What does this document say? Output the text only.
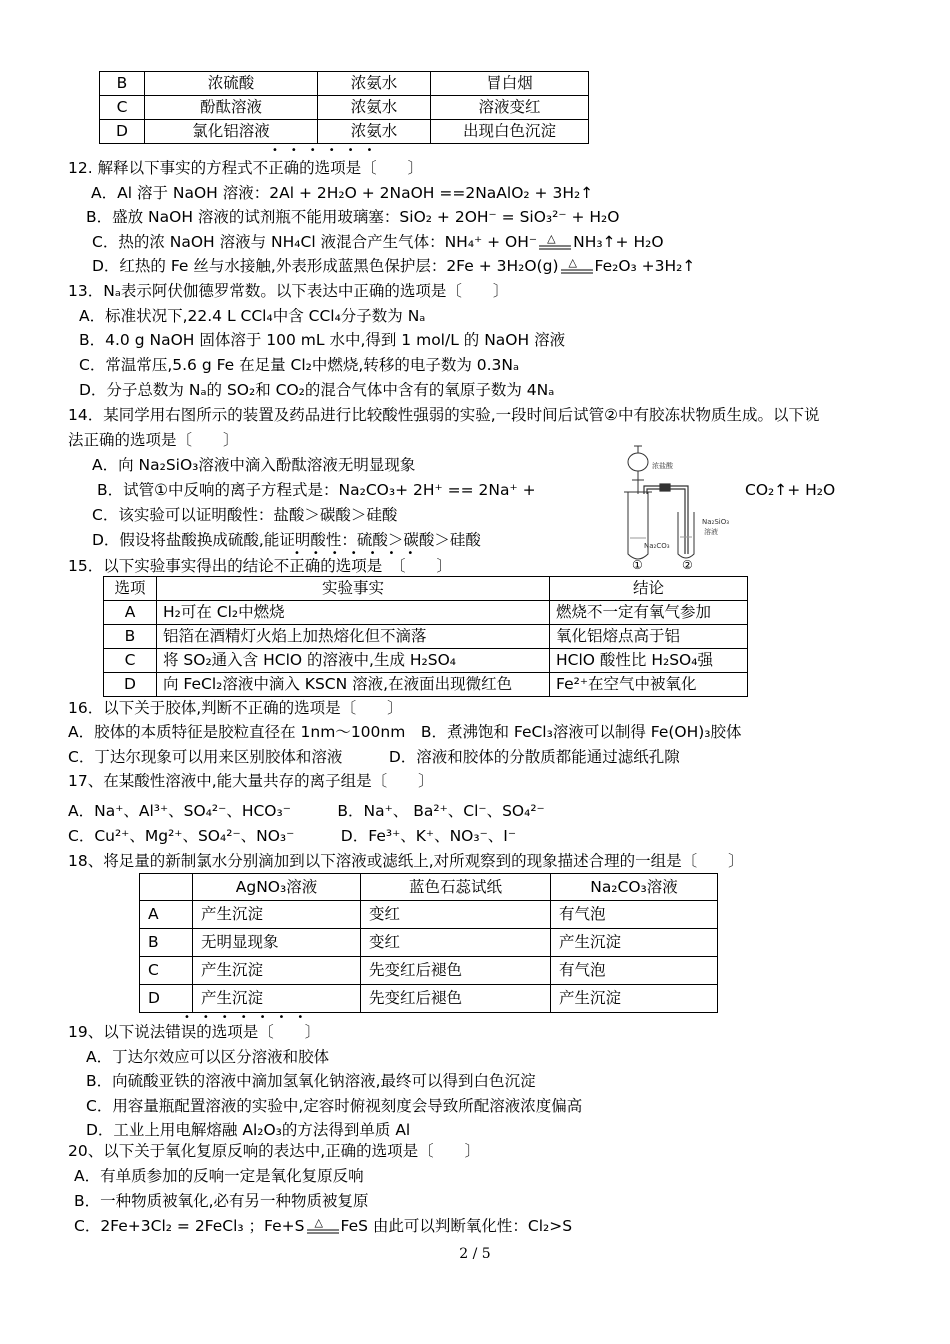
B	浓硫酸	浓氨水	冒白烟
C	酚酞溶液	浓氨水	溶液变红
D	氯化铝溶液	浓氨水	出现白色沉淀
••••••
12. 解释以下事实的方程式不正确的选项是〔　　〕
A．Al 溶于 NaOH 溶液：2Al + 2H₂O + 2NaOH ==2NaAlO₂ + 3H₂↑
B．盛放 NaOH 溶液的试剂瓶不能用玻璃塞：SiO₂ + 2OH⁻ = SiO₃²⁻ + H₂O
C．热的浓 NaOH 溶液与 NH₄Cl 液混合产生气体：NH₄⁺ + OH⁻ △ NH₃↑+ H₂O
D．红热的 Fe 丝与水接触,外表形成蓝黑色保护层：2Fe + 3H₂O(g) △ Fe₂O₃ +3H₂↑
13．Nₐ表示阿伏伽德罗常数。以下表达中正确的选项是〔　　〕
A．标准状况下,22.4 L CCl₄中含 CCl₄分子数为 Nₐ
B．4.0 g NaOH 固体溶于 100 mL 水中,得到 1 mol/L 的 NaOH 溶液
C．常温常压,5.6 g Fe 在足量 Cl₂中燃烧,转移的电子数为 0.3Nₐ
D．分子总数为 Nₐ的 SO₂和 CO₂的混合气体中含有的氧原子数为 4Nₐ
14．某同学用右图所示的装置及药品进行比较酸性强弱的实验,一段时间后试管②中有胶冻状物质生成。以下说
法正确的选项是〔　　〕
A．向 Na₂SiO₃溶液中滴入酚酞溶液无明显现象
B．试管①中反响的离子方程式是：Na₂CO₃+ 2H⁺ == 2Na⁺ +	CO₂↑+ H₂O
C．该实验可以证明酸性：盐酸＞碳酸＞硅酸
D．假设将盐酸换成硫酸,能证明酸性：硫酸＞碳酸＞硅酸
•••••••
浓盐酸
Na₂SiO₃
溶液
Na₂CO₃
①	②
15．以下实验事实得出的结论不正确的选项是　〔　　〕
选项	实验事实	结论
A	H₂可在 Cl₂中燃烧	燃烧不一定有氧气参加
B	铝箔在酒精灯火焰上加热熔化但不滴落	氧化铝熔点高于铝
C	将 SO₂通入含 HClO 的溶液中,生成 H₂SO₄	HClO 酸性比 H₂SO₄强
D	向 FeCl₂溶液中滴入 KSCN 溶液,在液面出现微红色	Fe²⁺在空气中被氧化
16．以下关于胶体,判断不正确的选项是〔　　〕
A．胶体的本质特征是胶粒直径在 1nm～100nm　B．煮沸饱和 FeCl₃溶液可以制得 Fe(OH)₃胶体
C．丁达尔现象可以用来区别胶体和溶液　　　D．溶液和胶体的分散质都能通过滤纸孔隙
17、在某酸性溶液中,能大量共存的离子组是〔　　〕
A．Na⁺、Al³⁺、SO₄²⁻、HCO₃⁻　　　B．Na⁺、 Ba²⁺、Cl⁻、SO₄²⁻
C．Cu²⁺、Mg²⁺、SO₄²⁻、NO₃⁻　　　D．Fe³⁺、K⁺、NO₃⁻、I⁻
18、将足量的新制氯水分别滴加到以下溶液或滤纸上,对所观察到的现象描述合理的一组是〔　　〕
	AgNO₃溶液	蓝色石蕊试纸	Na₂CO₃溶液
A	产生沉淀	变红	有气泡
B	无明显现象	变红	产生沉淀
C	产生沉淀	先变红后褪色	有气泡
D	产生沉淀	先变红后褪色	产生沉淀
•••••••
19、以下说法错误的选项是〔　　〕
A．丁达尔效应可以区分溶液和胶体
B．向硫酸亚铁的溶液中滴加氢氧化钠溶液,最终可以得到白色沉淀
C．用容量瓶配置溶液的实验中,定容时俯视刻度会导致所配溶液浓度偏高
D．工业上用电解熔融 Al₂O₃的方法得到单质 Al
20、以下关于氧化复原反响的表达中,正确的选项是〔　　〕
A．有单质参加的反响一定是氧化复原反响
B．一种物质被氧化,必有另一种物质被复原
C．2Fe+3Cl₂ = 2FeCl₃ ；Fe+S △ FeS 由此可以判断氧化性：Cl₂>S
2 / 5
